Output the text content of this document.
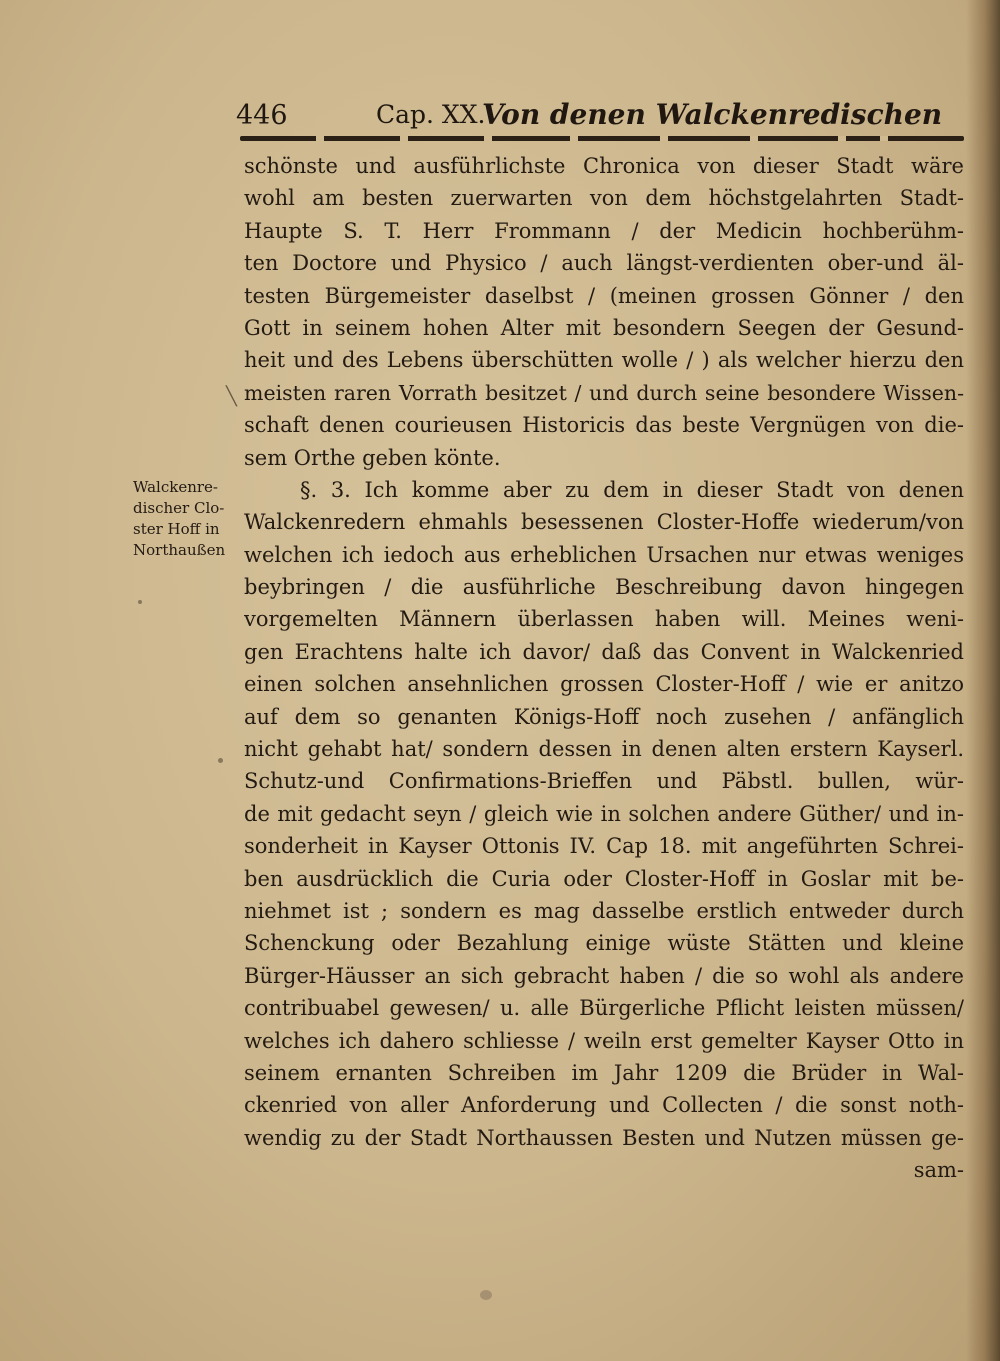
446	Cap. XX.
Von denen Walckenredischen
Walckenre-
discher Clo-
ster Hoff in
Northaußen
╲
schönste und ausführlichste Chronica von dieser Stadt wäre
wohl am besten zuerwarten von dem höchstgelahrten Stadt-
Haupte S. T. Herr Frommann / der Medicin hochberühm-
ten Doctore und Physico / auch längst-verdienten ober-und äl-
testen Bürgemeister daselbst / (meinen grossen Gönner / den
Gott in seinem hohen Alter mit besondern Seegen der Gesund-
heit und des Lebens überschütten wolle / ) als welcher hierzu den
meisten raren Vorrath besitzet / und durch seine besondere Wissen-
schaft denen courieusen Historicis das beste Vergnügen von die-
sem Orthe geben könte.
§. 3. Ich komme aber zu dem in dieser Stadt von denen
Walckenredern ehmahls besessenen Closter-Hoffe wiederum/von
welchen ich iedoch aus erheblichen Ursachen nur etwas weniges
beybringen / die ausführliche Beschreibung davon hingegen
vorgemelten Männern überlassen haben will. Meines weni-
gen Erachtens halte ich davor/ daß das Convent in Walckenried
einen solchen ansehnlichen grossen Closter-Hoff / wie er anitzo
auf dem so genanten Königs-Hoff noch zusehen / anfänglich
nicht gehabt hat/ sondern dessen in denen alten erstern Kayserl.
Schutz-und Confirmations-Brieffen und Päbstl. bullen, wür-
de mit gedacht seyn / gleich wie in solchen andere Güther/ und in-
sonderheit in Kayser Ottonis IV. Cap 18. mit angeführten Schrei-
ben ausdrücklich die Curia oder Closter-Hoff in Goslar mit be-
niehmet ist ; sondern es mag dasselbe erstlich entweder durch
Schenckung oder Bezahlung einige wüste Stätten und kleine
Bürger-Häusser an sich gebracht haben / die so wohl als andere
contribuabel gewesen/ u. alle Bürgerliche Pflicht leisten müssen/
welches ich dahero schliesse / weiln erst gemelter Kayser Otto in
seinem ernanten Schreiben im Jahr 1209 die Brüder in Wal-
ckenried von aller Anforderung und Collecten / die sonst noth-
wendig zu der Stadt Northaussen Besten und Nutzen müssen ge-
sam-
